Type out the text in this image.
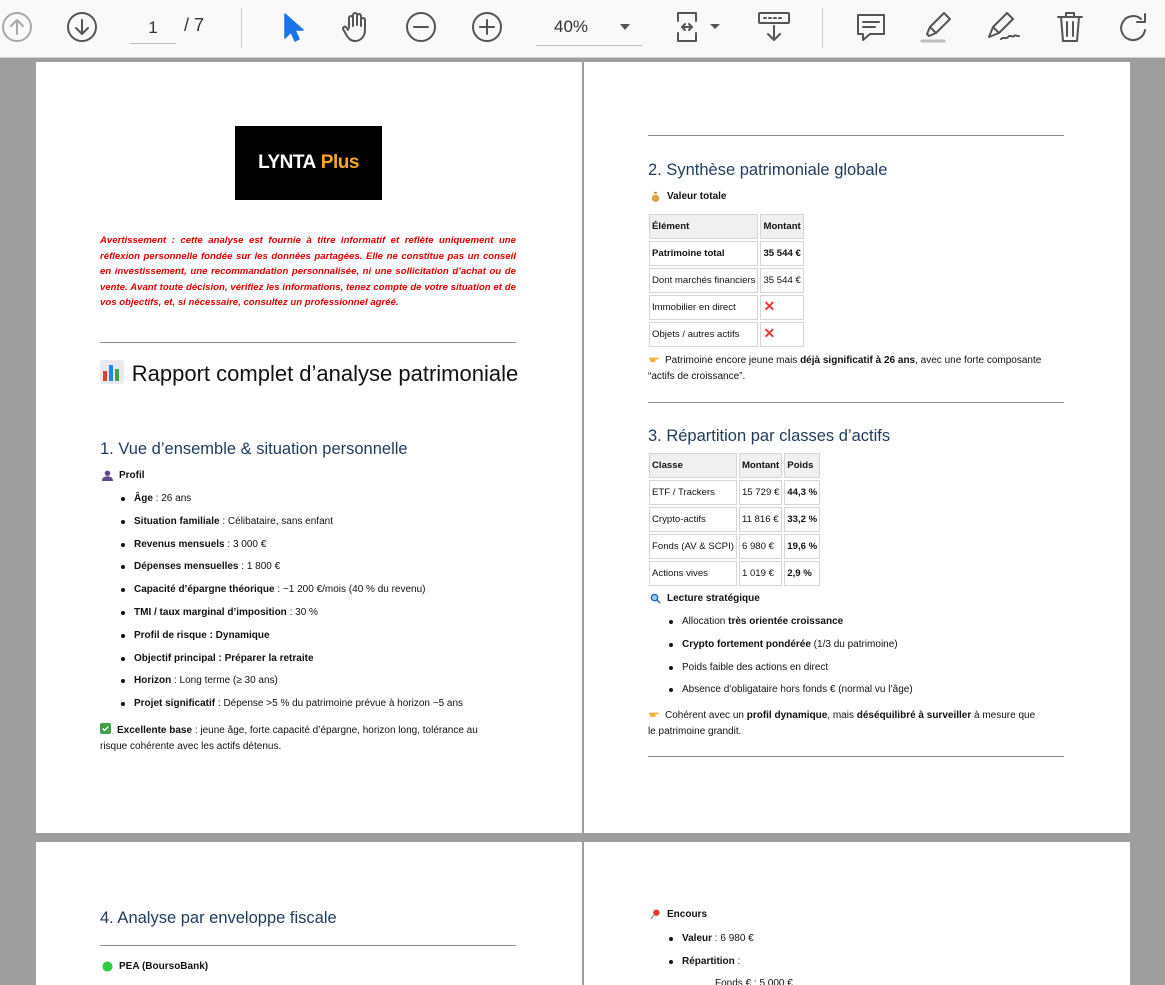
1
/ 7	40%
LYNTA Plus
Avertissement : cette analyse est fournie à titre informatif et reflète uniquement une réflexion personnelle fondée sur les données partagées. Elle ne constitue pas un conseil en investissement, une recommandation personnalisée, ni une sollicitation d’achat ou de vente. Avant toute décision, vérifiez les informations, tenez compte de votre situation et de vos objectifs, et, si nécessaire, consultez un professionnel agréé.
Rapport complet d’analyse patrimoniale
1. Vue d’ensemble & situation personnelle
Profil
Âge : 26 ans
Situation familiale : Célibataire, sans enfant
Revenus mensuels : 3 000 €
Dépenses mensuelles : 1 800 €
Capacité d’épargne théorique : ~1 200 €/mois (40 % du revenu)
TMI / taux marginal d’imposition : 30 %
Profil de risque : Dynamique
Objectif principal : Préparer la retraite
Horizon : Long terme (≥ 30 ans)
Projet significatif : Dépense >5 % du patrimoine prévue à horizon ~5 ans
Excellente base : jeune âge, forte capacité d’épargne, horizon long, tolérance au
risque cohérente avec les actifs détenus.
2. Synthèse patrimoniale globale
Valeur totale
Élément	Montant
Patrimoine total	35 544 €
Dont marchés financiers	35 544 €
Immobilier en direct	✕
Objets / autres actifs	✕
Patrimoine encore jeune mais déjà significatif à 26 ans, avec une forte composante
“actifs de croissance”.
3. Répartition par classes d’actifs
Classe	Montant	Poids
ETF / Trackers	15 729 €	44,3 %
Crypto-actifs	11 816 €	33,2 %
Fonds (AV & SCPI)	6 980 €	19,6 %
Actions vives	1 019 €	2,9 %
Lecture stratégique
Allocation très orientée croissance
Crypto fortement pondérée (1/3 du patrimoine)
Poids faible des actions en direct
Absence d’obligataire hors fonds € (normal vu l’âge)
Cohérent avec un profil dynamique, mais déséquilibré à surveiller à mesure que
le patrimoine grandit.
4. Analyse par enveloppe fiscale
PEA (BoursoBank)
Encours
Valeur : 6 980 €
Répartition :
Fonds € : 5 000 €
